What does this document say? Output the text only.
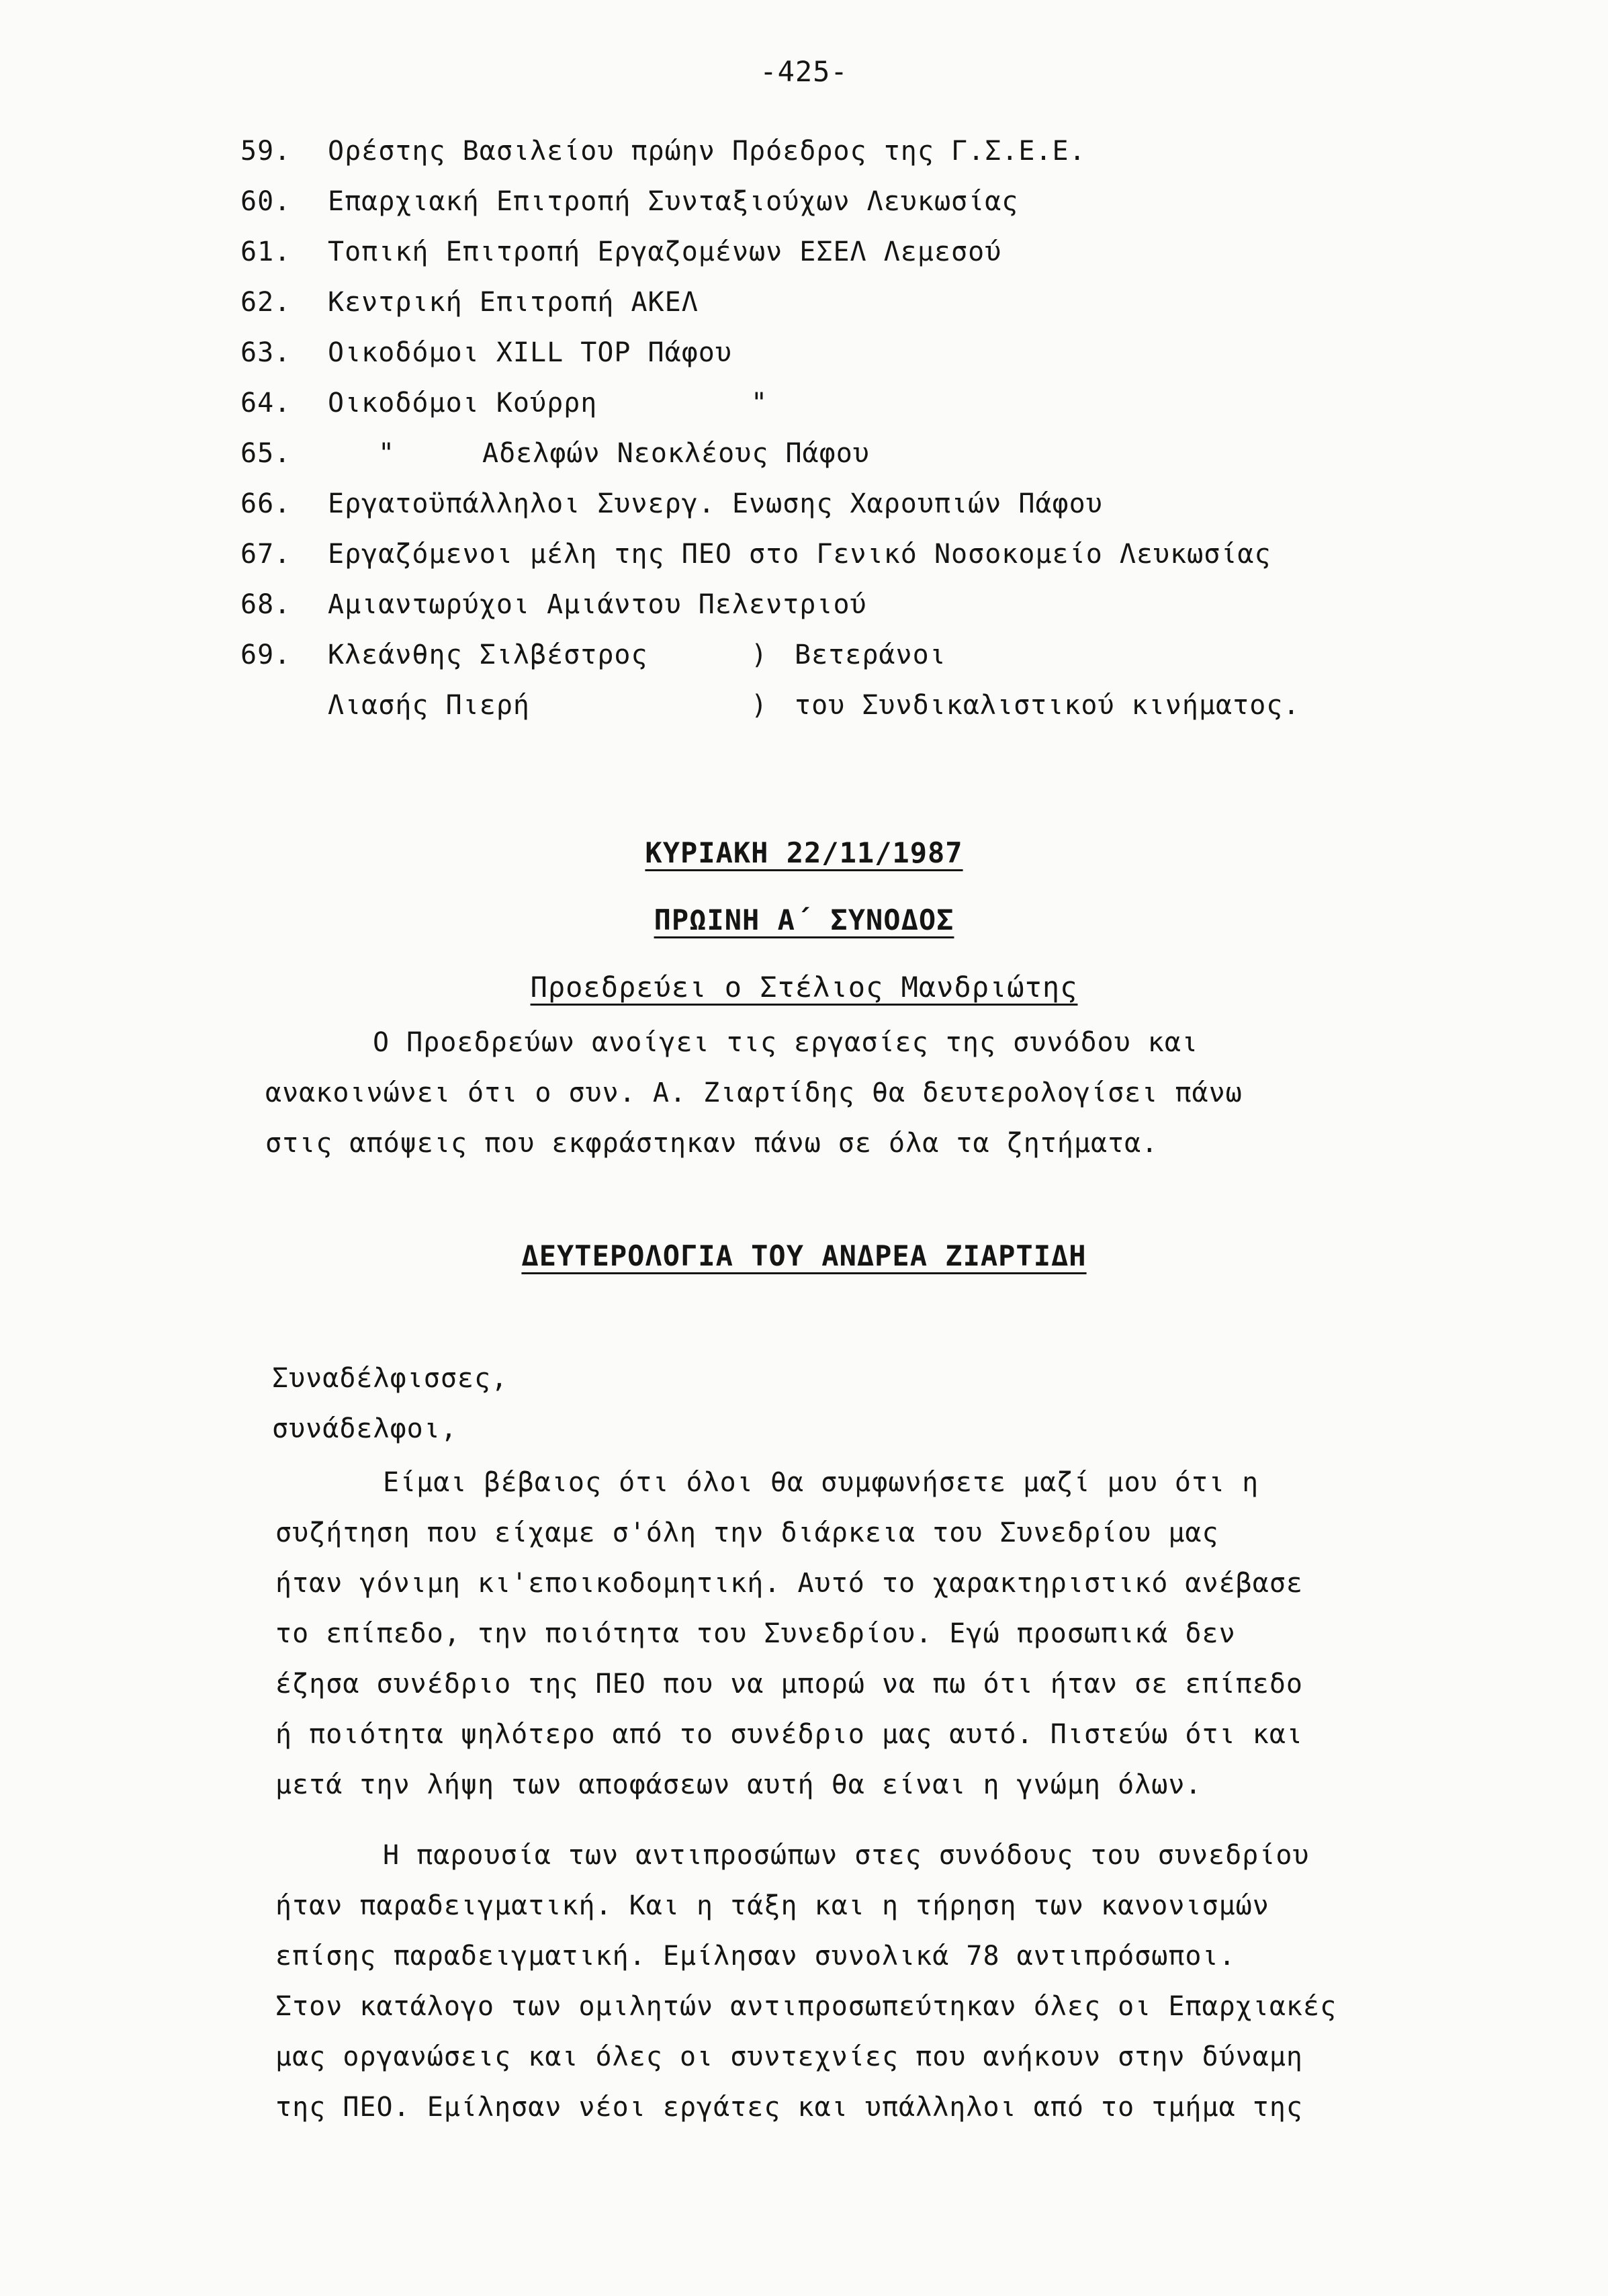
-425-
59. Ορέστης Βασιλείου πρώην Πρόεδρος της Γ.Σ.Ε.Ε.
60. Επαρχιακή Επιτροπή Συνταξιούχων Λευκωσίας
61. Τοπική Επιτροπή Εργαζομένων ΕΣΕΛ Λεμεσού
62. Κεντρική Επιτροπή ΑΚΕΛ
63. Οικοδόμοι XILL TOP Πάφου
64. Οικοδόμοι Κούρρη	"
65.	"	Αδελφών Νεοκλέους Πάφου
66. Εργατοϋπάλληλοι Συνεργ. Ενωσης Χαρουπιών Πάφου
67. Εργαζόμενοι μέλη της ΠΕΟ στο Γενικό Νοσοκομείο Λευκωσίας
68. Αμιαντωρύχοι Αμιάντου Πελεντριού
69. Κλεάνθης Σιλβέστρος	) Βετεράνοι
Λιασής Πιερή	) του Συνδικαλιστικού κινήματος.
ΚΥΡΙΑΚΗ 22/11/1987
ΠΡΩΙΝΗ Α΄ ΣΥΝΟΔΟΣ
Προεδρεύει ο Στέλιος Μανδριώτης
Ο Προεδρεύων ανοίγει τις εργασίες της συνόδου και
ανακοινώνει ότι ο συν. Α. Ζιαρτίδης θα δευτερολογίσει πάνω
στις απόψεις που εκφράστηκαν πάνω σε όλα τα ζητήματα.
ΔΕΥΤΕΡΟΛΟΓΙΑ ΤΟΥ ΑΝΔΡΕΑ ΖΙΑΡΤΙΔΗ
Συναδέλφισσες,
συνάδελφοι,
Είμαι βέβαιος ότι όλοι θα συμφωνήσετε μαζί μου ότι η
συζήτηση που είχαμε σ'όλη την διάρκεια του Συνεδρίου μας
ήταν γόνιμη κι'εποικοδομητική. Αυτό το χαρακτηριστικό ανέβασε
το επίπεδο, την ποιότητα του Συνεδρίου. Εγώ προσωπικά δεν
έζησα συνέδριο της ΠΕΟ που να μπορώ να πω ότι ήταν σε επίπεδο
ή ποιότητα ψηλότερο από το συνέδριο μας αυτό. Πιστεύω ότι και
μετά την λήψη των αποφάσεων αυτή θα είναι η γνώμη όλων.
Η παρουσία των αντιπροσώπων στες συνόδους του συνεδρίου
ήταν παραδειγματική. Και η τάξη και η τήρηση των κανονισμών
επίσης παραδειγματική. Εμίλησαν συνολικά 78 αντιπρόσωποι.
Στον κατάλογο των ομιλητών αντιπροσωπεύτηκαν όλες οι Επαρχιακές
μας οργανώσεις και όλες οι συντεχνίες που ανήκουν στην δύναμη
της ΠΕΟ. Εμίλησαν νέοι εργάτες και υπάλληλοι από το τμήμα της
